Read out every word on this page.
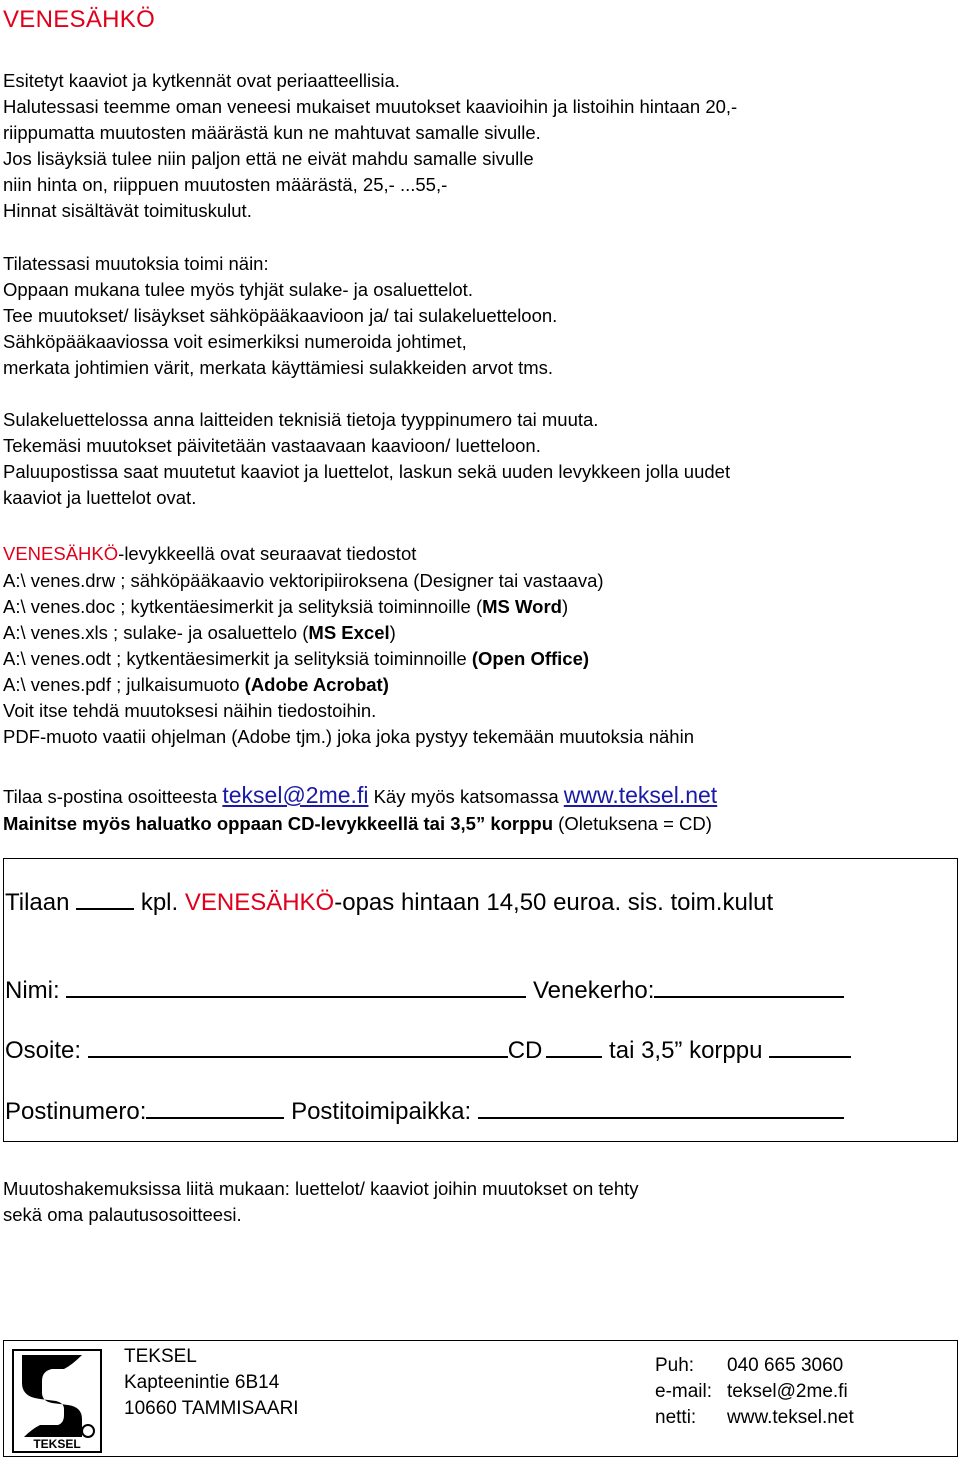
VENESÄHKÖ
Esitetyt kaaviot ja kytkennät ovat periaatteellisia.
Halutessasi teemme oman veneesi mukaiset muutokset kaavioihin ja listoihin hintaan 20,-
riippumatta muutosten määrästä kun ne mahtuvat samalle sivulle.
Jos lisäyksiä tulee niin paljon että ne eivät mahdu samalle sivulle
niin hinta on, riippuen muutosten määrästä, 25,- ...55,-
Hinnat sisältävät toimituskulut.
Tilatessasi muutoksia toimi näin:
Oppaan mukana tulee myös tyhjät sulake- ja osaluettelot.
Tee muutokset/ lisäykset sähköpääkaavioon ja/ tai sulakeluetteloon.
Sähköpääkaaviossa voit esimerkiksi numeroida johtimet,
merkata johtimien värit, merkata käyttämiesi sulakkeiden arvot tms.
Sulakeluettelossa anna laitteiden teknisiä tietoja tyyppinumero tai muuta.
Tekemäsi muutokset päivitetään vastaavaan kaavioon/ luetteloon.
Paluupostissa saat muutetut kaaviot ja luettelot, laskun sekä uuden levykkeen jolla uudet
kaaviot ja luettelot ovat.
VENESÄHKÖ-levykkeellä ovat seuraavat tiedostot
A:\ venes.drw ; sähköpääkaavio vektoripiiroksena (Designer tai vastaava)
A:\ venes.doc ; kytkentäesimerkit ja selityksiä toiminnoille (MS Word)
A:\ venes.xls ; sulake- ja osaluettelo (MS Excel)
A:\ venes.odt ; kytkentäesimerkit ja selityksiä toiminnoille (Open Office)
A:\ venes.pdf ; julkaisumuoto (Adobe Acrobat)
Voit itse tehdä muutoksesi näihin tiedostoihin.
PDF-muoto vaatii ohjelman (Adobe tjm.) joka joka pystyy tekemään muutoksia nähin
Tilaa s-postina osoitteesta teksel@2me.fi Käy myös katsomassa www.teksel.net
Mainitse myös haluatko oppaan CD-levykkeellä tai 3,5” korppu (Oletuksena = CD)
Tilaan	kpl. VENESÄHKÖ-opas hintaan 14,50 euroa. sis. toim.kulut
Nimi:	Venekerho:
Osoite:	CD	tai 3,5” korppu
Postinumero:	Postitoimipaikka:
Muutoshakemuksissa liitä mukaan: luettelot/ kaaviot joihin muutokset on tehty
sekä oma palautusosoitteesi.
TEKSEL
TEKSEL
Kapteenintie 6B14
10660 TAMMISAARI
Puh: 040 665 3060
e-mail: teksel@2me.fi
netti: www.teksel.net
